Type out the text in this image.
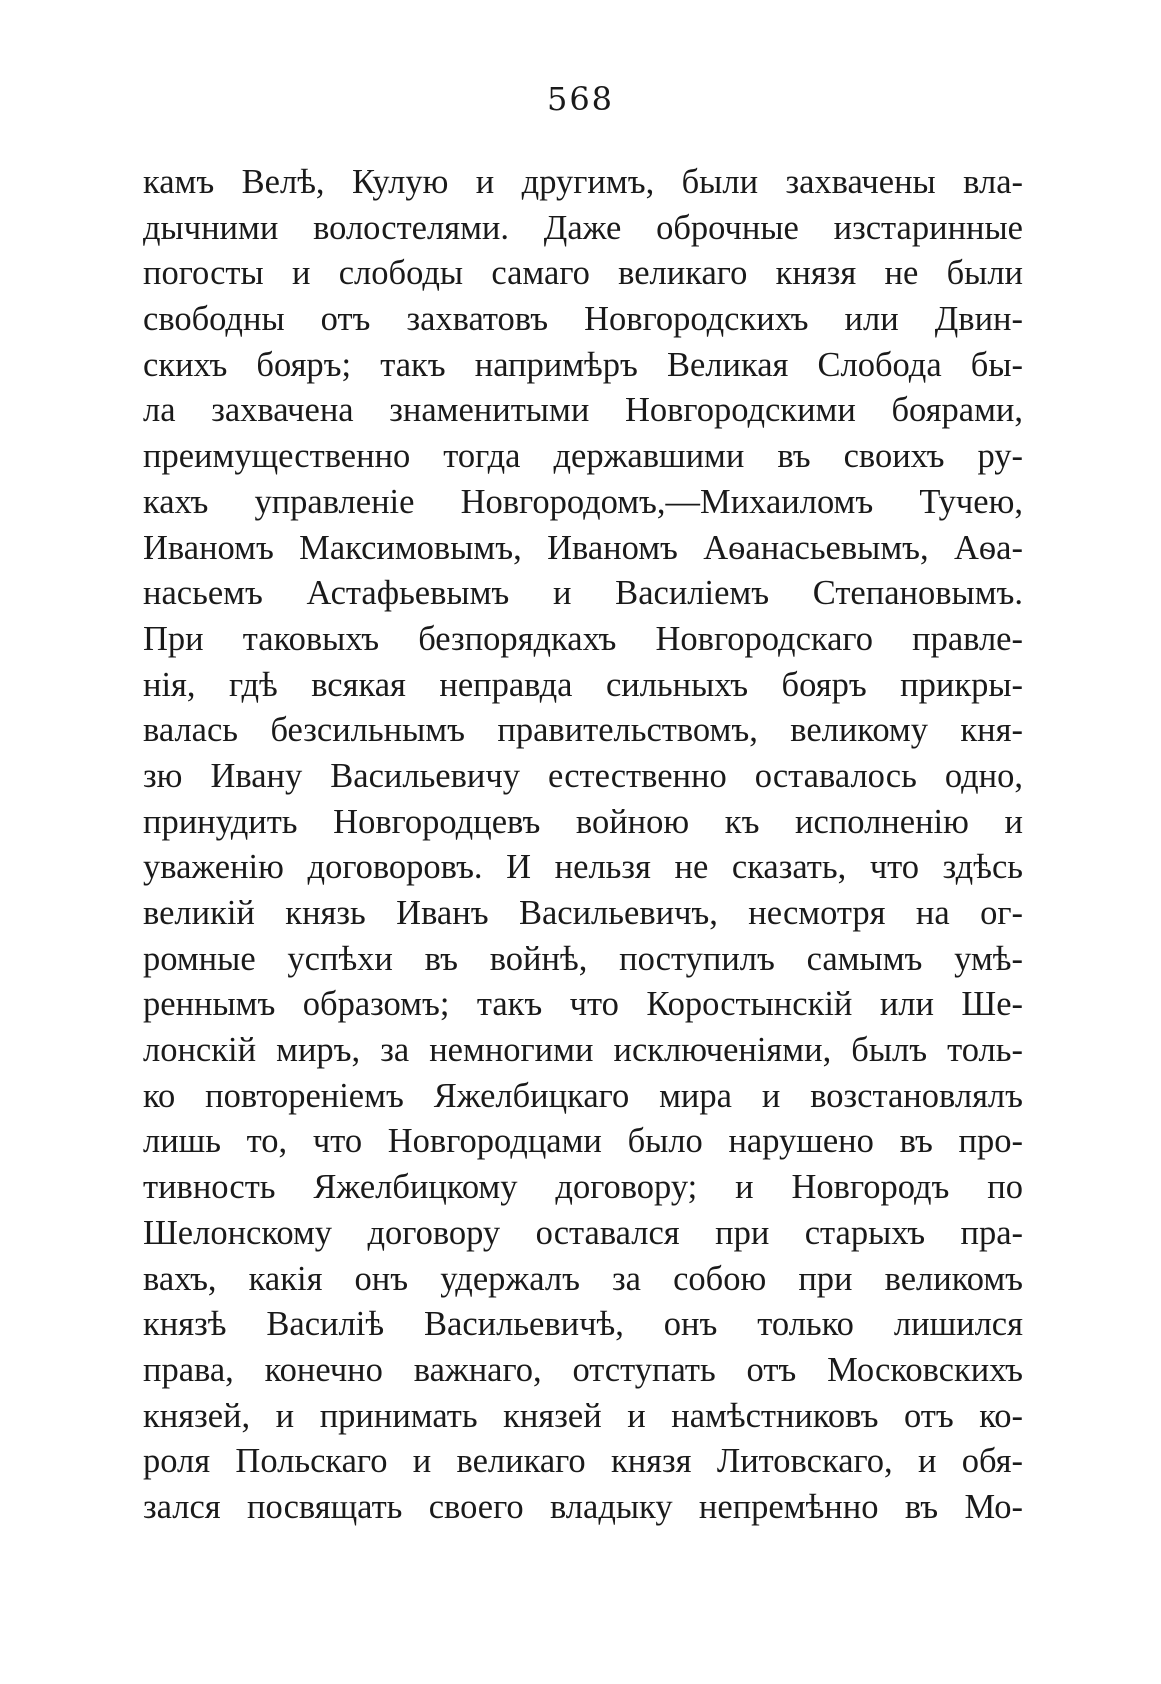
568
камъ Велѣ, Кулую и другимъ, были захвачены вла-
дычними волостелями. Даже оброчные изстаринные
погосты и слободы самаго великаго князя не были
свободны отъ захватовъ Новгородскихъ или Двин-
скихъ бояръ; такъ напримѣръ Великая Слобода бы-
ла захвачена знаменитыми Новгородскими боярами,
преимущественно тогда державшими въ своихъ ру-
кахъ управленіе Новгородомъ,—Михаиломъ Тучею,
Иваномъ Максимовымъ, Иваномъ Аѳанасьевымъ, Аѳа-
насьемъ Астафьевымъ и Василіемъ Степановымъ.
При таковыхъ безпорядкахъ Новгородскаго правле-
нія, гдѣ всякая неправда сильныхъ бояръ прикры-
валась безсильнымъ правительствомъ, великому кня-
зю Ивану Васильевичу естественно оставалось одно,
принудить Новгородцевъ войною къ исполненію и
уваженію договоровъ. И нельзя не сказать, что здѣсь
великій князь Иванъ Васильевичъ, несмотря на ог-
ромные успѣхи въ войнѣ, поступилъ самымъ умѣ-
реннымъ образомъ; такъ что Коростынскій или Ше-
лонскій миръ, за немногими исключеніями, былъ толь-
ко повтореніемъ Яжелбицкаго мира и возстановлялъ
лишь то, что Новгородцами было нарушено въ про-
тивность Яжелбицкому договору; и Новгородъ по
Шелонскому договору оставался при старыхъ пра-
вахъ, какія онъ удержалъ за собою при великомъ
князѣ Василіѣ Васильевичѣ, онъ только лишился
права, конечно важнаго, отступать отъ Московскихъ
князей, и принимать князей и намѣстниковъ отъ ко-
роля Польскаго и великаго князя Литовскаго, и обя-
зался посвящать своего владыку непремѣнно въ Мо-
